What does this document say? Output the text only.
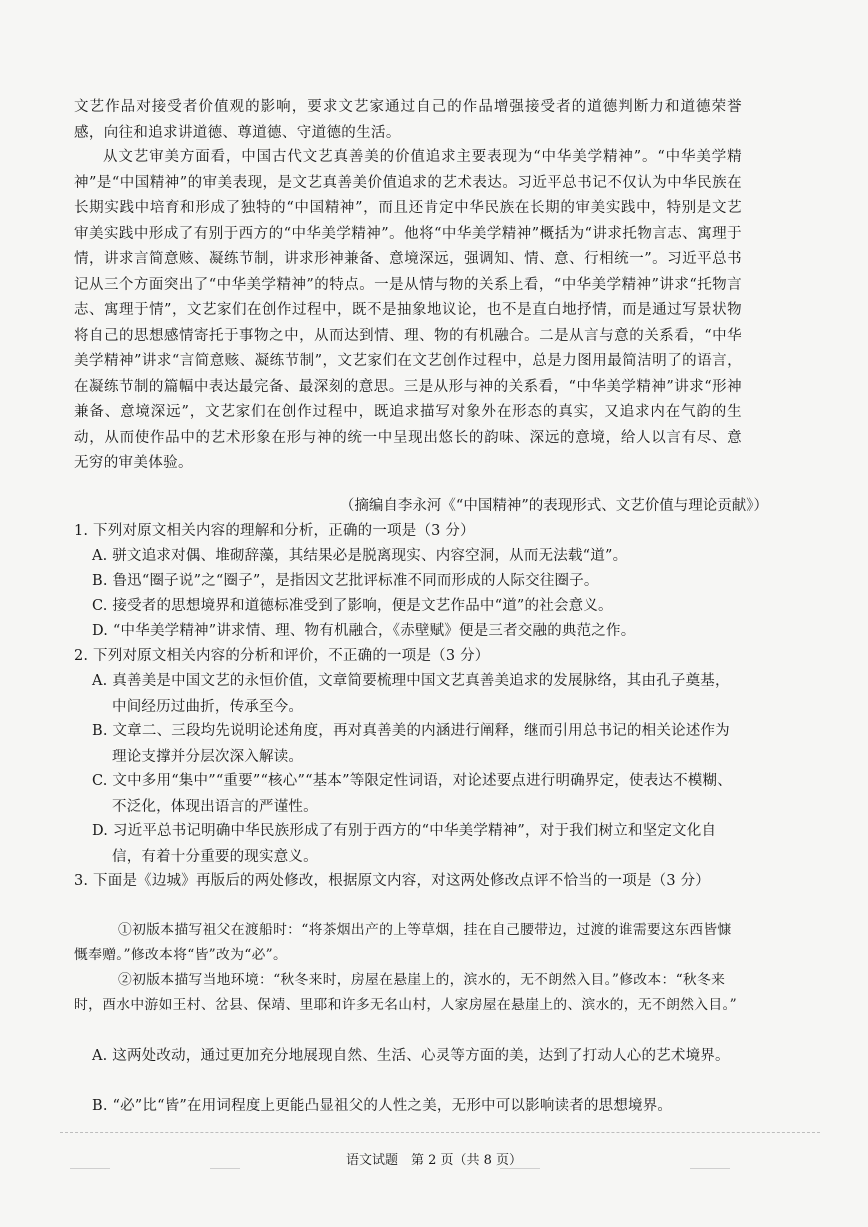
文艺作品对接受者价值观的影响，要求文艺家通过自己的作品增强接受者的道德判断力和道德荣誉感，向往和追求讲道德、尊道德、守道德的生活。

从文艺审美方面看，中国古代文艺真善美的价值追求主要表现为“中华美学精神”。“中华美学精神”是“中国精神”的审美表现，是文艺真善美价值追求的艺术表达。习近平总书记不仅认为中华民族在长期实践中培育和形成了独特的“中国精神”，而且还肯定中华民族在长期的审美实践中，特别是文艺审美实践中形成了有别于西方的“中华美学精神”。他将“中华美学精神”概括为“讲求托物言志、寓理于情，讲求言简意赅、凝练节制，讲求形神兼备、意境深远，强调知、情、意、行相统一”。习近平总书记从三个方面突出了“中华美学精神”的特点。一是从情与物的关系上看，“中华美学精神”讲求“托物言志、寓理于情”，文艺家们在创作过程中，既不是抽象地议论，也不是直白地抒情，而是通过写景状物将自己的思想感情寄托于事物之中，从而达到情、理、物的有机融合。二是从言与意的关系看，“中华美学精神”讲求“言简意赅、凝练节制”，文艺家们在文艺创作过程中，总是力图用最简洁明了的语言，在凝练节制的篇幅中表达最完备、最深刻的意思。三是从形与神的关系看，“中华美学精神”讲求“形神兼备、意境深远”，文艺家们在创作过程中，既追求描写对象外在形态的真实，又追求内在气韵的生动，从而使作品中的艺术形象在形与神的统一中呈现出悠长的韵味、深远的意境，给人以言有尽、意无穷的审美体验。

（摘编自李永河《“中国精神”的表现形式、文艺价值与理论贡献》）

1. 下列对原文相关内容的理解和分析，正确的一项是（3 分）

A. 骈文追求对偶、堆砌辞藻，其结果必是脱离现实、内容空洞，从而无法载“道”。

B. 鲁迅“圈子说”之“圈子”，是指因文艺批评标准不同而形成的人际交往圈子。

C. 接受者的思想境界和道德标准受到了影响，便是文艺作品中“道”的社会意义。

D. “中华美学精神”讲求情、理、物有机融合，《赤壁赋》便是三者交融的典范之作。

2. 下列对原文相关内容的分析和评价，不正确的一项是（3 分）

A. 真善美是中国文艺的永恒价值，文章简要梳理中国文艺真善美追求的发展脉络，其由孔子奠基，中间经历过曲折，传承至今。

B. 文章二、三段均先说明论述角度，再对真善美的内涵进行阐释，继而引用总书记的相关论述作为理论支撑并分层次深入解读。

C. 文中多用“集中”“重要”“核心”“基本”等限定性词语，对论述要点进行明确界定，使表达不模糊、不泛化，体现出语言的严谨性。

D. 习近平总书记明确中华民族形成了有别于西方的“中华美学精神”，对于我们树立和坚定文化自信，有着十分重要的现实意义。

3. 下面是《边城》再版后的两处修改，根据原文内容，对这两处修改点评不恰当的一项是（3 分）

①初版本描写祖父在渡船时：“将茶烟出产的上等草烟，挂在自己腰带边，过渡的谁需要这东西皆慷慨奉赠。”修改本将“皆”改为“必”。

②初版本描写当地环境：“秋冬来时，房屋在悬崖上的，滨水的，无不朗然入目。”修改本：“秋冬来时，酉水中游如王村、岔县、保靖、里耶和许多无名山村，人家房屋在悬崖上的、滨水的，无不朗然入目。”

A. 这两处改动，通过更加充分地展现自然、生活、心灵等方面的美，达到了打动人心的艺术境界。

B. “必”比“皆”在用词程度上更能凸显祖父的人性之美，无形中可以影响读者的思想境界。

语文试题　第 2 页（共 8 页）
